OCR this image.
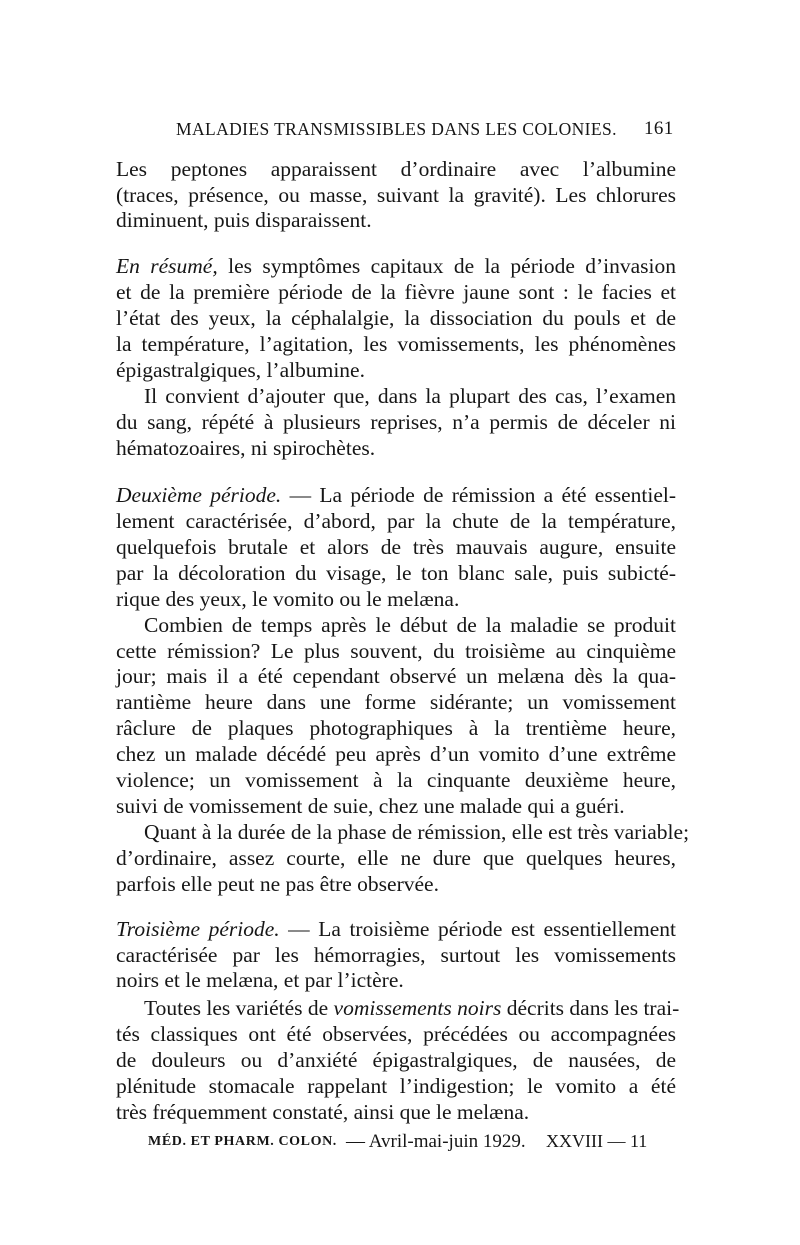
MALADIES TRANSMISSIBLES DANS LES COLONIES. 161
Les peptones apparaissent d’ordinaire avec l’albumine
(traces, présence, ou masse, suivant la gravité). Les chlorures
diminuent, puis disparaissent.
En résumé, les symptômes capitaux de la période d’invasion
et de la première période de la fièvre jaune sont : le facies et
l’état des yeux, la céphalalgie, la dissociation du pouls et de
la température, l’agitation, les vomissements, les phénomènes
épigastralgiques, l’albumine.
Il convient d’ajouter que, dans la plupart des cas, l’examen
du sang, répété à plusieurs reprises, n’a permis de déceler ni
hématozoaires, ni spirochètes.
Deuxième période. — La période de rémission a été essentiel-
lement caractérisée, d’abord, par la chute de la température,
quelquefois brutale et alors de très mauvais augure, ensuite
par la décoloration du visage, le ton blanc sale, puis subicté-
rique des yeux, le vomito ou le melæna.
Combien de temps après le début de la maladie se produit
cette rémission? Le plus souvent, du troisième au cinquième
jour; mais il a été cependant observé un melæna dès la qua-
rantième heure dans une forme sidérante; un vomissement
râclure de plaques photographiques à la trentième heure,
chez un malade décédé peu après d’un vomito d’une extrême
violence; un vomissement à la cinquante deuxième heure,
suivi de vomissement de suie, chez une malade qui a guéri.
Quant à la durée de la phase de rémission, elle est très variable;
d’ordinaire, assez courte, elle ne dure que quelques heures,
parfois elle peut ne pas être observée.
Troisième période. — La troisième période est essentiellement
caractérisée par les hémorragies, surtout les vomissements
noirs et le melæna, et par l’ictère.
Toutes les variétés de vomissements noirs décrits dans les trai-
tés classiques ont été observées, précédées ou accompagnées
de douleurs ou d’anxiété épigastralgiques, de nausées, de
plénitude stomacale rappelant l’indigestion; le vomito a été
très fréquemment constaté, ainsi que le melæna.
MÉD. ET PHARM. COLON. — Avril-mai-juin 1929. XXVIII — 11
